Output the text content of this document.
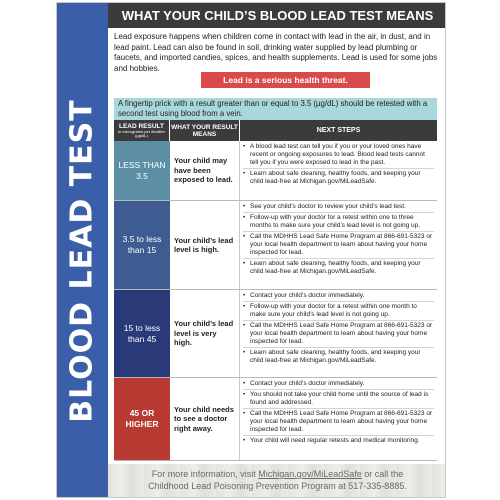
BLOOD LEAD TEST
WHAT YOUR CHILD’S BLOOD LEAD TEST MEANS

Lead exposure happens when children come in contact with lead in the air, in dust, and in lead paint. Lead can also be found in soil, drinking water supplied by lead plumbing or faucets, and imported candies, spices, and health supplements. Lead is used for some jobs and hobbies.

Lead is a serious health threat.
A fingertip prick with a result greater than or equal to 3.5 (µg/dL) should be retested with a second test using blood from a vein.
LEAD RESULT
in micrograms per deciliter (µg/dL)
WHAT YOUR RESULT MEANS	NEXT STEPS
LESS THAN 3.5
Your child may have been exposed to lead.
• A blood lead test can tell you if you or your loved ones have recent or ongoing exposures to lead. Blood lead tests cannot tell you if you were exposed to lead in the past.
• Learn about safe cleaning, healthy foods, and keeping your child lead-free at Michigan.gov/MiLeadSafe.
3.5 to less than 15
Your child’s lead level is high.
• See your child’s doctor to review your child’s lead test.
• Follow-up with your doctor for a retest within one to three months to make sure your child’s lead level is not going up.
• Call the MDHHS Lead Safe Home Program at 866-691-5323 or your local health department to learn about having your home inspected for lead.
• Learn about safe cleaning, healthy foods, and keeping your child lead-free at Michigan.gov/MiLeadSafe.
15 to less than 45
Your child’s lead level is very high.
• Contact your child’s doctor immediately.
• Follow-up with your doctor for a retest within one month to make sure your child’s lead level is not going up.
• Call the MDHHS Lead Safe Home Program at 866-691-5323 or your local health department to learn about having your home inspected for lead.
• Learn about safe cleaning, healthy foods, and keeping your child lead-free at Michigan.gov/MiLeadSafe.
45 OR HIGHER
Your child needs to see a doctor right away.
• Contact your child’s doctor immediately.
• You should not take your child home until the source of lead is found and addressed.
• Call the MDHHS Lead Safe Home Program at 866-691-5323 or your local health department to learn about having your home inspected for lead.
• Your child will need regular retests and medical monitoring.
For more information, visit Michigan.gov/MiLeadSafe or call the
Childhood Lead Poisoning Prevention Program at 517-335-8885.
